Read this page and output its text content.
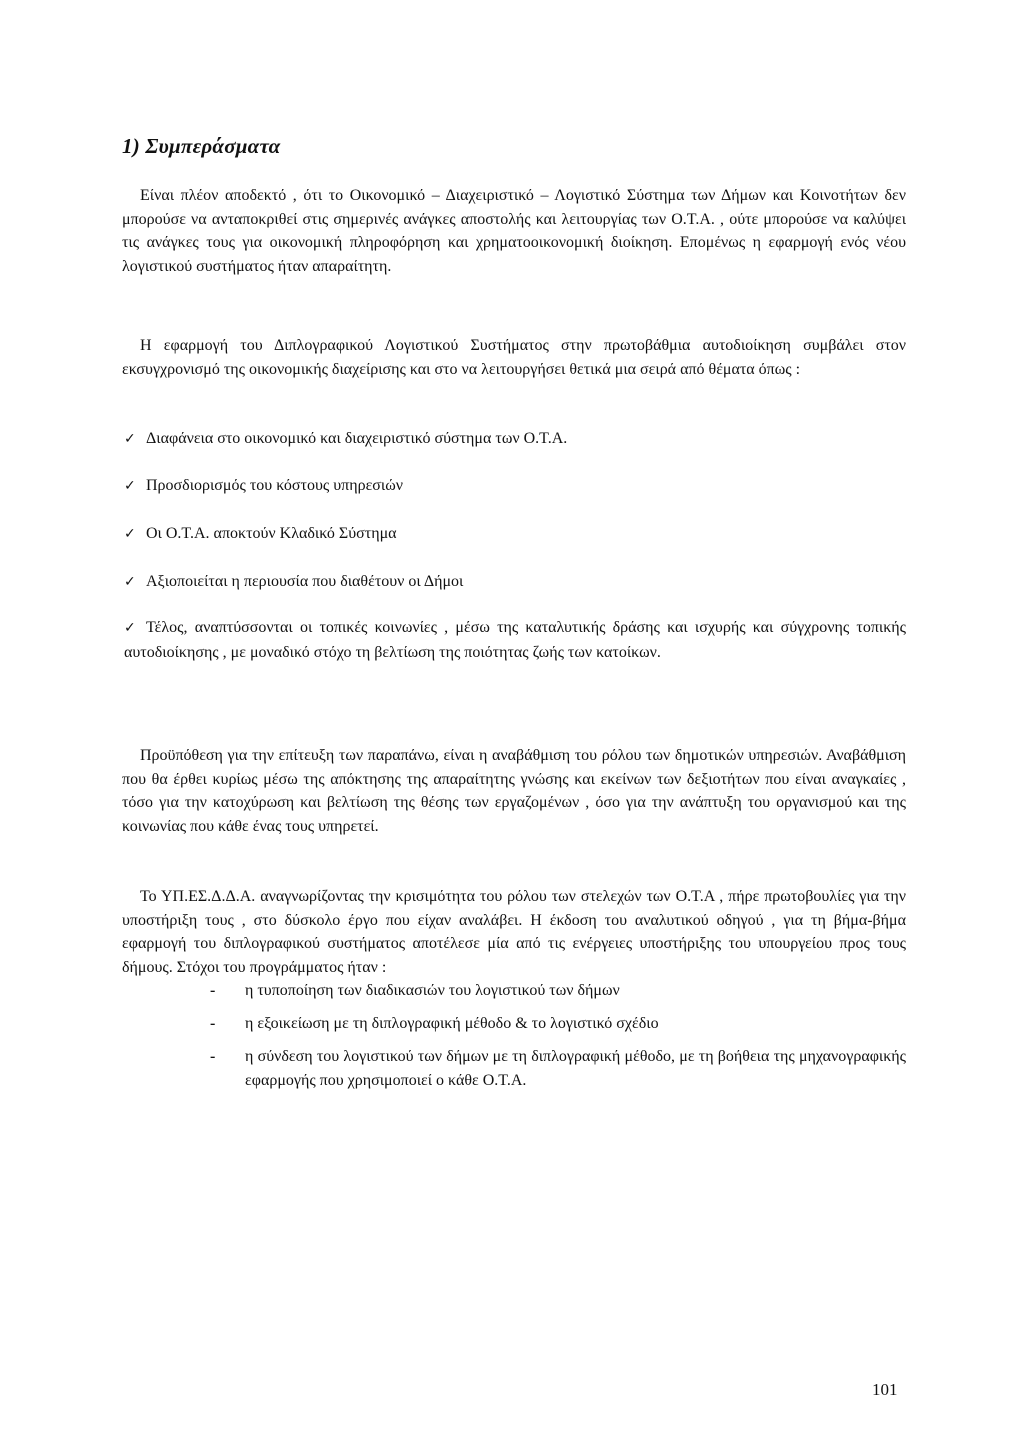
1) Συμπεράσματα

Είναι πλέον αποδεκτό , ότι το Οικονομικό – Διαχειριστικό – Λογιστικό Σύστημα των Δήμων και Κοινοτήτων δεν μπορούσε να ανταποκριθεί στις σημερινές ανάγκες αποστολής και λειτουργίας των Ο.Τ.Α. , ούτε μπορούσε να καλύψει τις ανάγκες τους για οικονομική πληροφόρηση και χρηματοοικονομική διοίκηση. Επομένως η εφαρμογή ενός νέου λογιστικού συστήματος ήταν απαραίτητη.

Η εφαρμογή του Διπλογραφικού Λογιστικού Συστήματος στην πρωτοβάθμια αυτοδιοίκηση συμβάλει στον εκσυγχρονισμό της οικονομικής διαχείρισης και στο να λειτουργήσει θετικά μια σειρά από θέματα όπως :

✓ Διαφάνεια στο οικονομικό και διαχειριστικό σύστημα των Ο.Τ.Α.
✓ Προσδιορισμός του κόστους υπηρεσιών
✓ Οι Ο.Τ.Α. αποκτούν Κλαδικό Σύστημα
✓ Αξιοποιείται η περιουσία που διαθέτουν οι Δήμοι
✓ Τέλος, αναπτύσσονται οι τοπικές κοινωνίες , μέσω της καταλυτικής δράσης και ισχυρής και σύγχρονης τοπικής αυτοδιοίκησης , με μοναδικό στόχο τη βελτίωση της ποιότητας ζωής των κατοίκων.

Προϋπόθεση για την επίτευξη των παραπάνω, είναι η αναβάθμιση του ρόλου των δημοτικών υπηρεσιών. Αναβάθμιση που θα έρθει κυρίως μέσω της απόκτησης της απαραίτητης γνώσης και εκείνων των δεξιοτήτων που είναι αναγκαίες , τόσο για την κατοχύρωση και βελτίωση της θέσης των εργαζομένων , όσο για την ανάπτυξη του οργανισμού και της κοινωνίας που κάθε ένας τους υπηρετεί.

Το ΥΠ.ΕΣ.Δ.Δ.Α. αναγνωρίζοντας την κρισιμότητα του ρόλου των στελεχών των Ο.Τ.Α , πήρε πρωτοβουλίες για την υποστήριξη τους , στο δύσκολο έργο που είχαν αναλάβει. Η έκδοση του αναλυτικού οδηγού , για τη βήμα-βήμα εφαρμογή του διπλογραφικού συστήματος αποτέλεσε μία από τις ενέργειες υποστήριξης του υπουργείου προς τους δήμους. Στόχοι του προγράμματος ήταν :

-	η τυποποίηση των διαδικασιών του λογιστικού των δήμων
-	η εξοικείωση με τη διπλογραφική μέθοδο & το λογιστικό σχέδιο
-	η σύνδεση του λογιστικού των δήμων με τη διπλογραφική μέθοδο, με τη βοήθεια της μηχανογραφικής εφαρμογής που χρησιμοποιεί ο κάθε Ο.Τ.Α.

101
